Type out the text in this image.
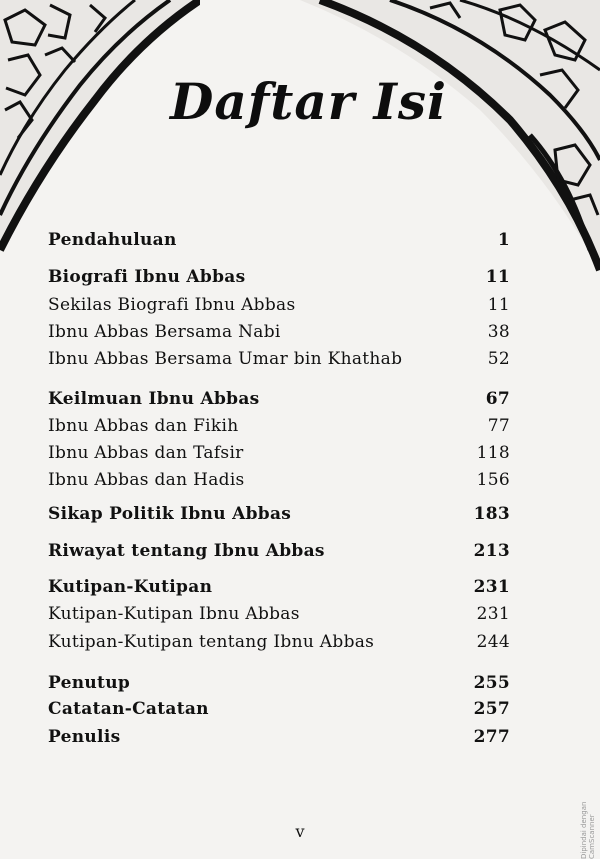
Daftar Isi
Pendahuluan	1
Biografi Ibnu Abbas	11
Sekilas Biografi Ibnu Abbas	11
Ibnu Abbas Bersama Nabi	38
Ibnu Abbas Bersama Umar bin Khathab	52
Keilmuan Ibnu Abbas	67
Ibnu Abbas dan Fikih	77
Ibnu Abbas dan Tafsir	118
Ibnu Abbas dan Hadis	156
Sikap Politik Ibnu Abbas	183
Riwayat tentang Ibnu Abbas	213
Kutipan-Kutipan	231
Kutipan-Kutipan Ibnu Abbas	231
Kutipan-Kutipan tentang Ibnu Abbas	244
Penutup	255
Catatan-Catatan	257
Penulis	277
v	Dipindai dengan CamScanner
